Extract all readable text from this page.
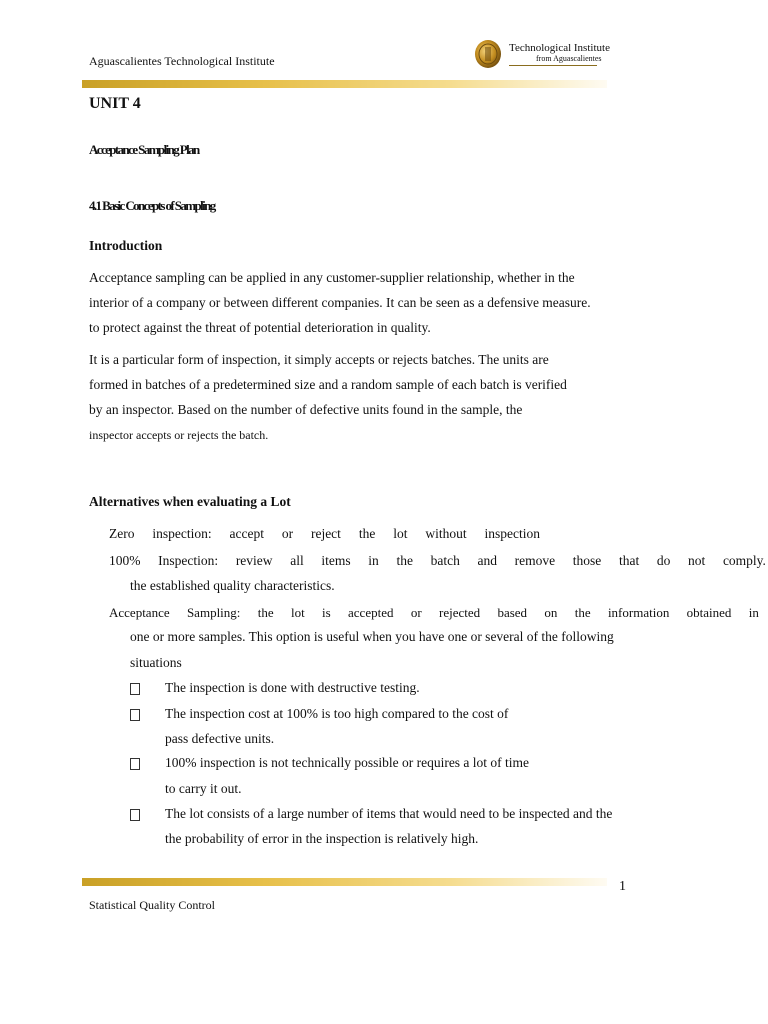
Aguascalientes Technological Institute
Technological Institute
from Aguascalientes
UNIT 4
Acceptance Sampling Plan
4.1 Basic Concepts of Sampling
Introduction
Acceptance sampling can be applied in any customer-supplier relationship, whether in the
interior of a company or between different companies. It can be seen as a defensive measure.
to protect against the threat of potential deterioration in quality.
It is a particular form of inspection, it simply accepts or rejects batches. The units are
formed in batches of a predetermined size and a random sample of each batch is verified
by an inspector. Based on the number of defective units found in the sample, the
inspector accepts or rejects the batch.
Alternatives when evaluating a Lot
Zero inspection: accept or reject the lot without inspection
100% Inspection: review all items in the batch and remove those that do not comply.
the established quality characteristics.
Acceptance Sampling: the lot is accepted or rejected based on the information obtained in
one or more samples. This option is useful when you have one or several of the following
situations
The inspection is done with destructive testing.
The inspection cost at 100% is too high compared to the cost of
pass defective units.
100% inspection is not technically possible or requires a lot of time
to carry it out.
The lot consists of a large number of items that would need to be inspected and the
the probability of error in the inspection is relatively high.
1
Statistical Quality Control
